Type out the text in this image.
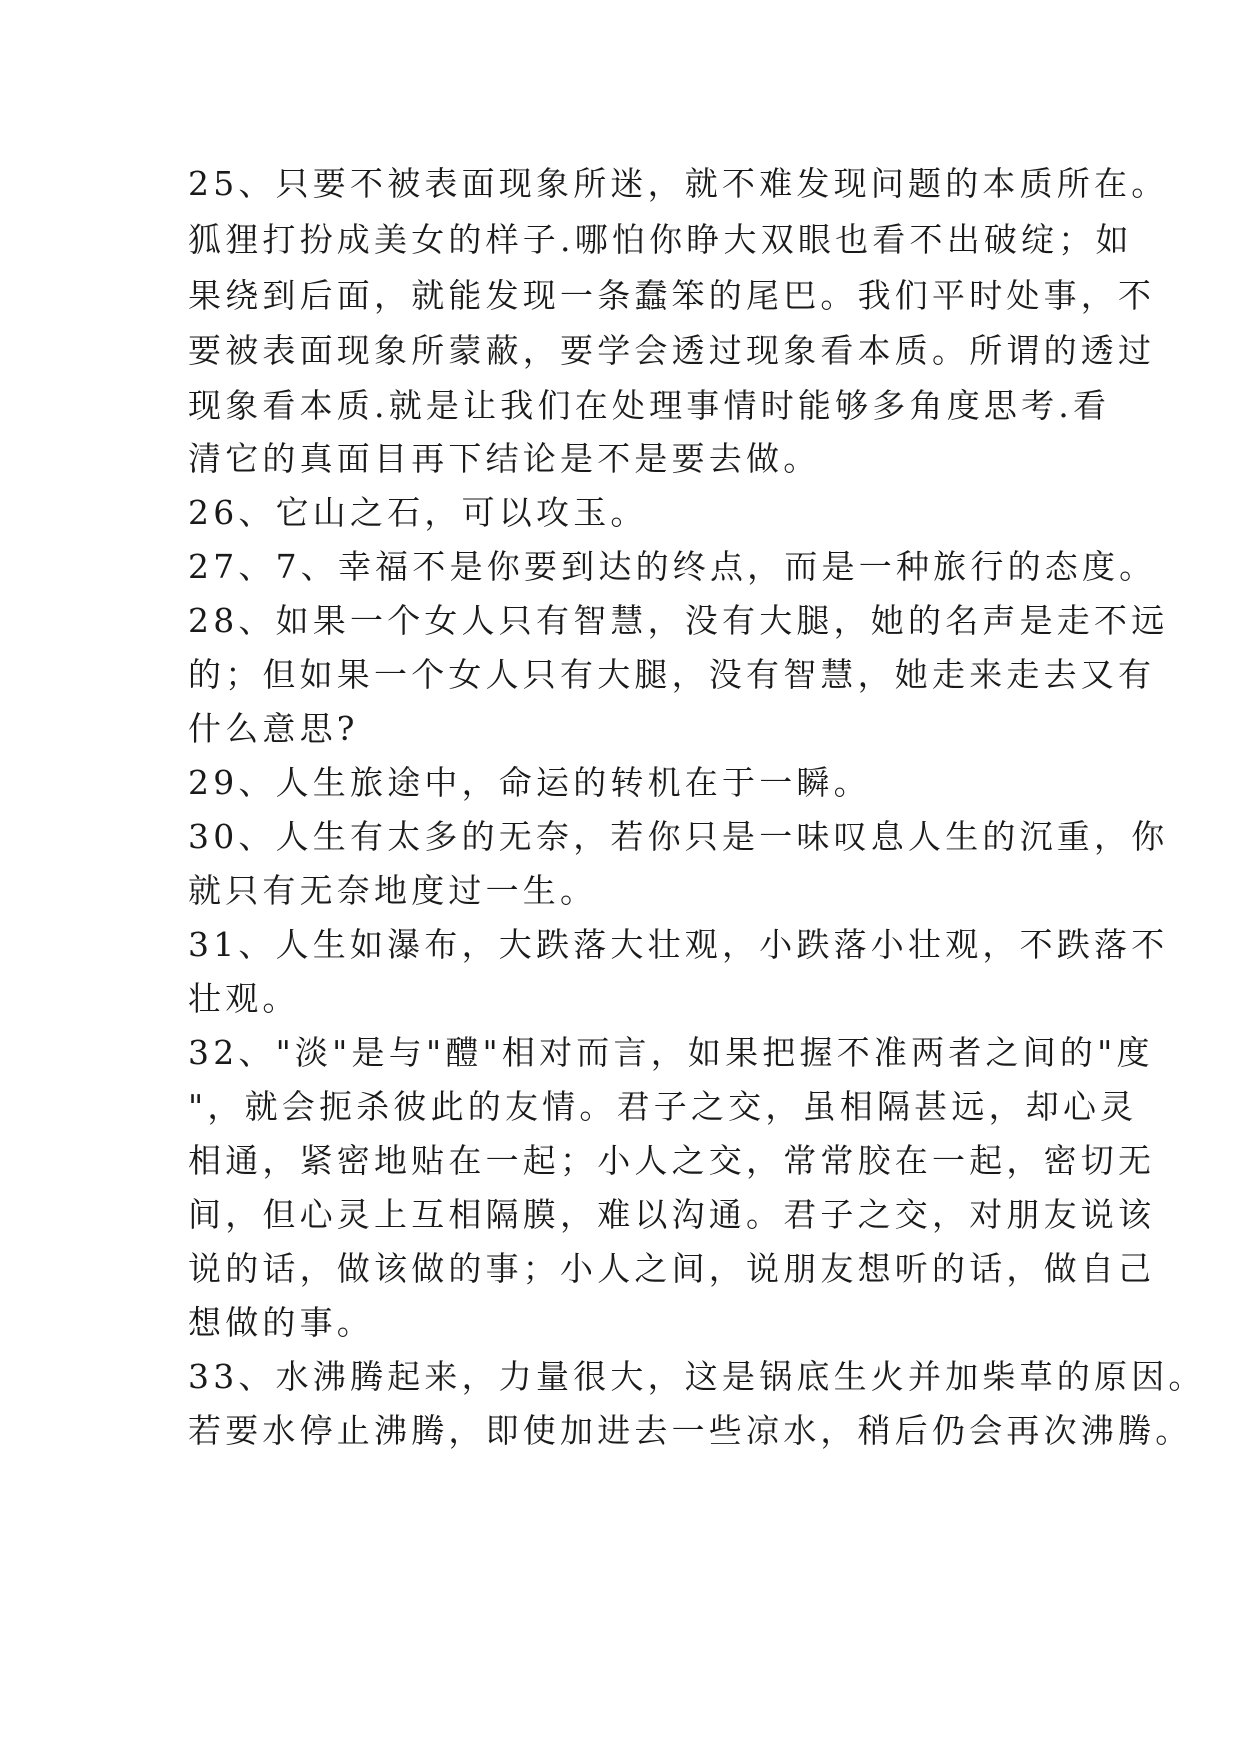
25、只要不被表面现象所迷，就不难发现问题的本质所在。
狐狸打扮成美女的样子.哪怕你睁大双眼也看不出破绽；如
果绕到后面，就能发现一条蠢笨的尾巴。我们平时处事，不
要被表面现象所蒙蔽，要学会透过现象看本质。所谓的透过
现象看本质.就是让我们在处理事情时能够多角度思考.看
清它的真面目再下结论是不是要去做。
26、它山之石，可以攻玉。
27、7、幸福不是你要到达的终点，而是一种旅行的态度。
28、如果一个女人只有智慧，没有大腿，她的名声是走不远
的；但如果一个女人只有大腿，没有智慧，她走来走去又有
什么意思?
29、人生旅途中，命运的转机在于一瞬。
30、人生有太多的无奈，若你只是一味叹息人生的沉重，你
就只有无奈地度过一生。
31、人生如瀑布，大跌落大壮观，小跌落小壮观，不跌落不
壮观。
32、"淡"是与"醴"相对而言，如果把握不准两者之间的"度
"，就会扼杀彼此的友情。君子之交，虽相隔甚远，却心灵
相通，紧密地贴在一起；小人之交，常常胶在一起，密切无
间，但心灵上互相隔膜，难以沟通。君子之交，对朋友说该
说的话，做该做的事；小人之间，说朋友想听的话，做自己
想做的事。
33、水沸腾起来，力量很大，这是锅底生火并加柴草的原因。
若要水停止沸腾，即使加进去一些凉水，稍后仍会再次沸腾。
